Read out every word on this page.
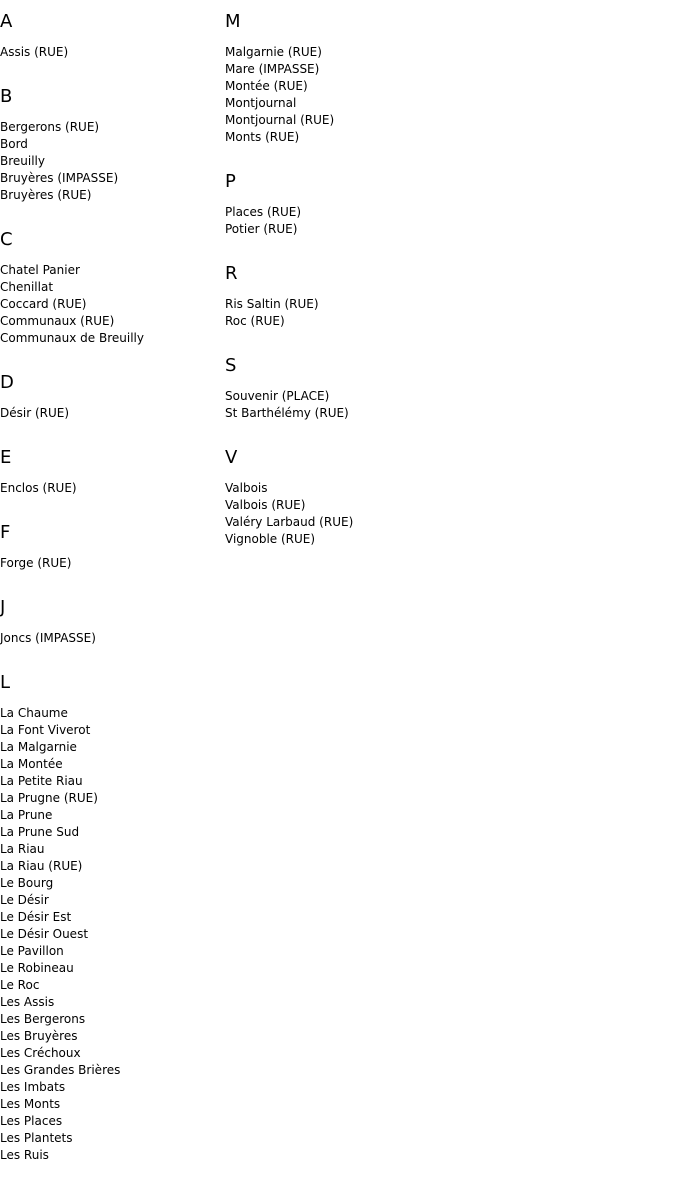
A
Assis (RUE)
B
Bergerons (RUE)
Bord
Breuilly
Bruyères (IMPASSE)
Bruyères (RUE)
C
Chatel Panier
Chenillat
Coccard (RUE)
Communaux (RUE)
Communaux de Breuilly
D
Désir (RUE)
E
Enclos (RUE)
F
Forge (RUE)
J
Joncs (IMPASSE)
L
La Chaume
La Font Viverot
La Malgarnie
La Montée
La Petite Riau
La Prugne (RUE)
La Prune
La Prune Sud
La Riau
La Riau (RUE)
Le Bourg
Le Désir
Le Désir Est
Le Désir Ouest
Le Pavillon
Le Robineau
Le Roc
Les Assis
Les Bergerons
Les Bruyères
Les Créchoux
Les Grandes Brières
Les Imbats
Les Monts
Les Places
Les Plantets
Les Ruis
M
Malgarnie (RUE)
Mare (IMPASSE)
Montée (RUE)
Montjournal
Montjournal (RUE)
Monts (RUE)
P
Places (RUE)
Potier (RUE)
R
Ris Saltin (RUE)
Roc (RUE)
S
Souvenir (PLACE)
St Barthélémy (RUE)
V
Valbois
Valbois (RUE)
Valéry Larbaud (RUE)
Vignoble (RUE)
